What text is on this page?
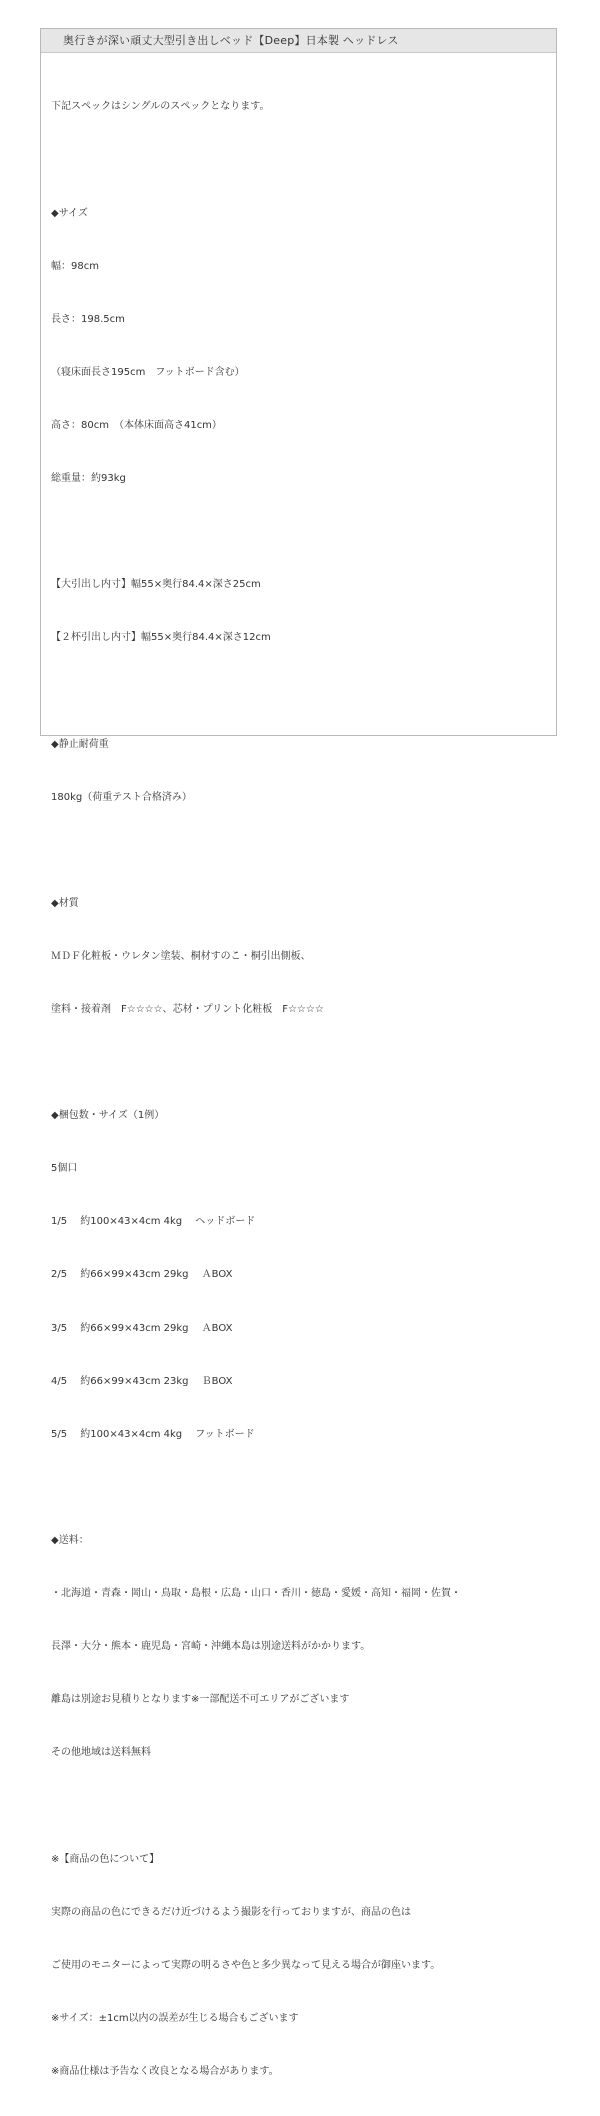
奥行きが深い頑丈大型引き出しベッド【Deep】日本製 ヘッドレス

下記スペックはシングルのスペックとなります。

◆サイズ

幅：98cm

長さ：198.5cm

（寝床面長さ195cm　フットボード含む）

高さ：80cm　（本体床面高さ41cm）

総重量：約93kg

【大引出し内寸】幅55×奥行84.4×深さ25cm

【２杯引出し内寸】幅55×奥行84.4×深さ12cm

◆静止耐荷重

180kg（荷重テスト合格済み）

◆材質

ＭＤＦ化粧板・ウレタン塗装、桐材すのこ・桐引出側板、

塗料・接着剤　F☆☆☆☆、芯材・プリント化粧板　F☆☆☆☆

◆梱包数・サイズ（1例）

5個口

1/5　 約100×43×4cm 4kg　 ヘッドボード

2/5　 約66×99×43cm 29kg　 ＡBOX

3/5　 約66×99×43cm 29kg　 ＡBOX

4/5　 約66×99×43cm 23kg　 ＢBOX

5/5　 約100×43×4cm 4kg　 フットボード

◆送料：

・北海道・青森・岡山・鳥取・島根・広島・山口・香川・徳島・愛媛・高知・福岡・佐賀・

長澤・大分・熊本・鹿児島・宮崎・沖縄本島は別途送料がかかります。

離島は別途お見積りとなります※一部配送不可エリアがございます

その他地域は送料無料

※【商品の色について】

実際の商品の色にできるだけ近づけるよう撮影を行っておりますが、商品の色は

ご使用のモニターによって実際の明るさや色と多少異なって見える場合が御座います。

※サイズ：±1cm以内の誤差が生じる場合もございます

※商品仕様は予告なく改良となる場合があります。
